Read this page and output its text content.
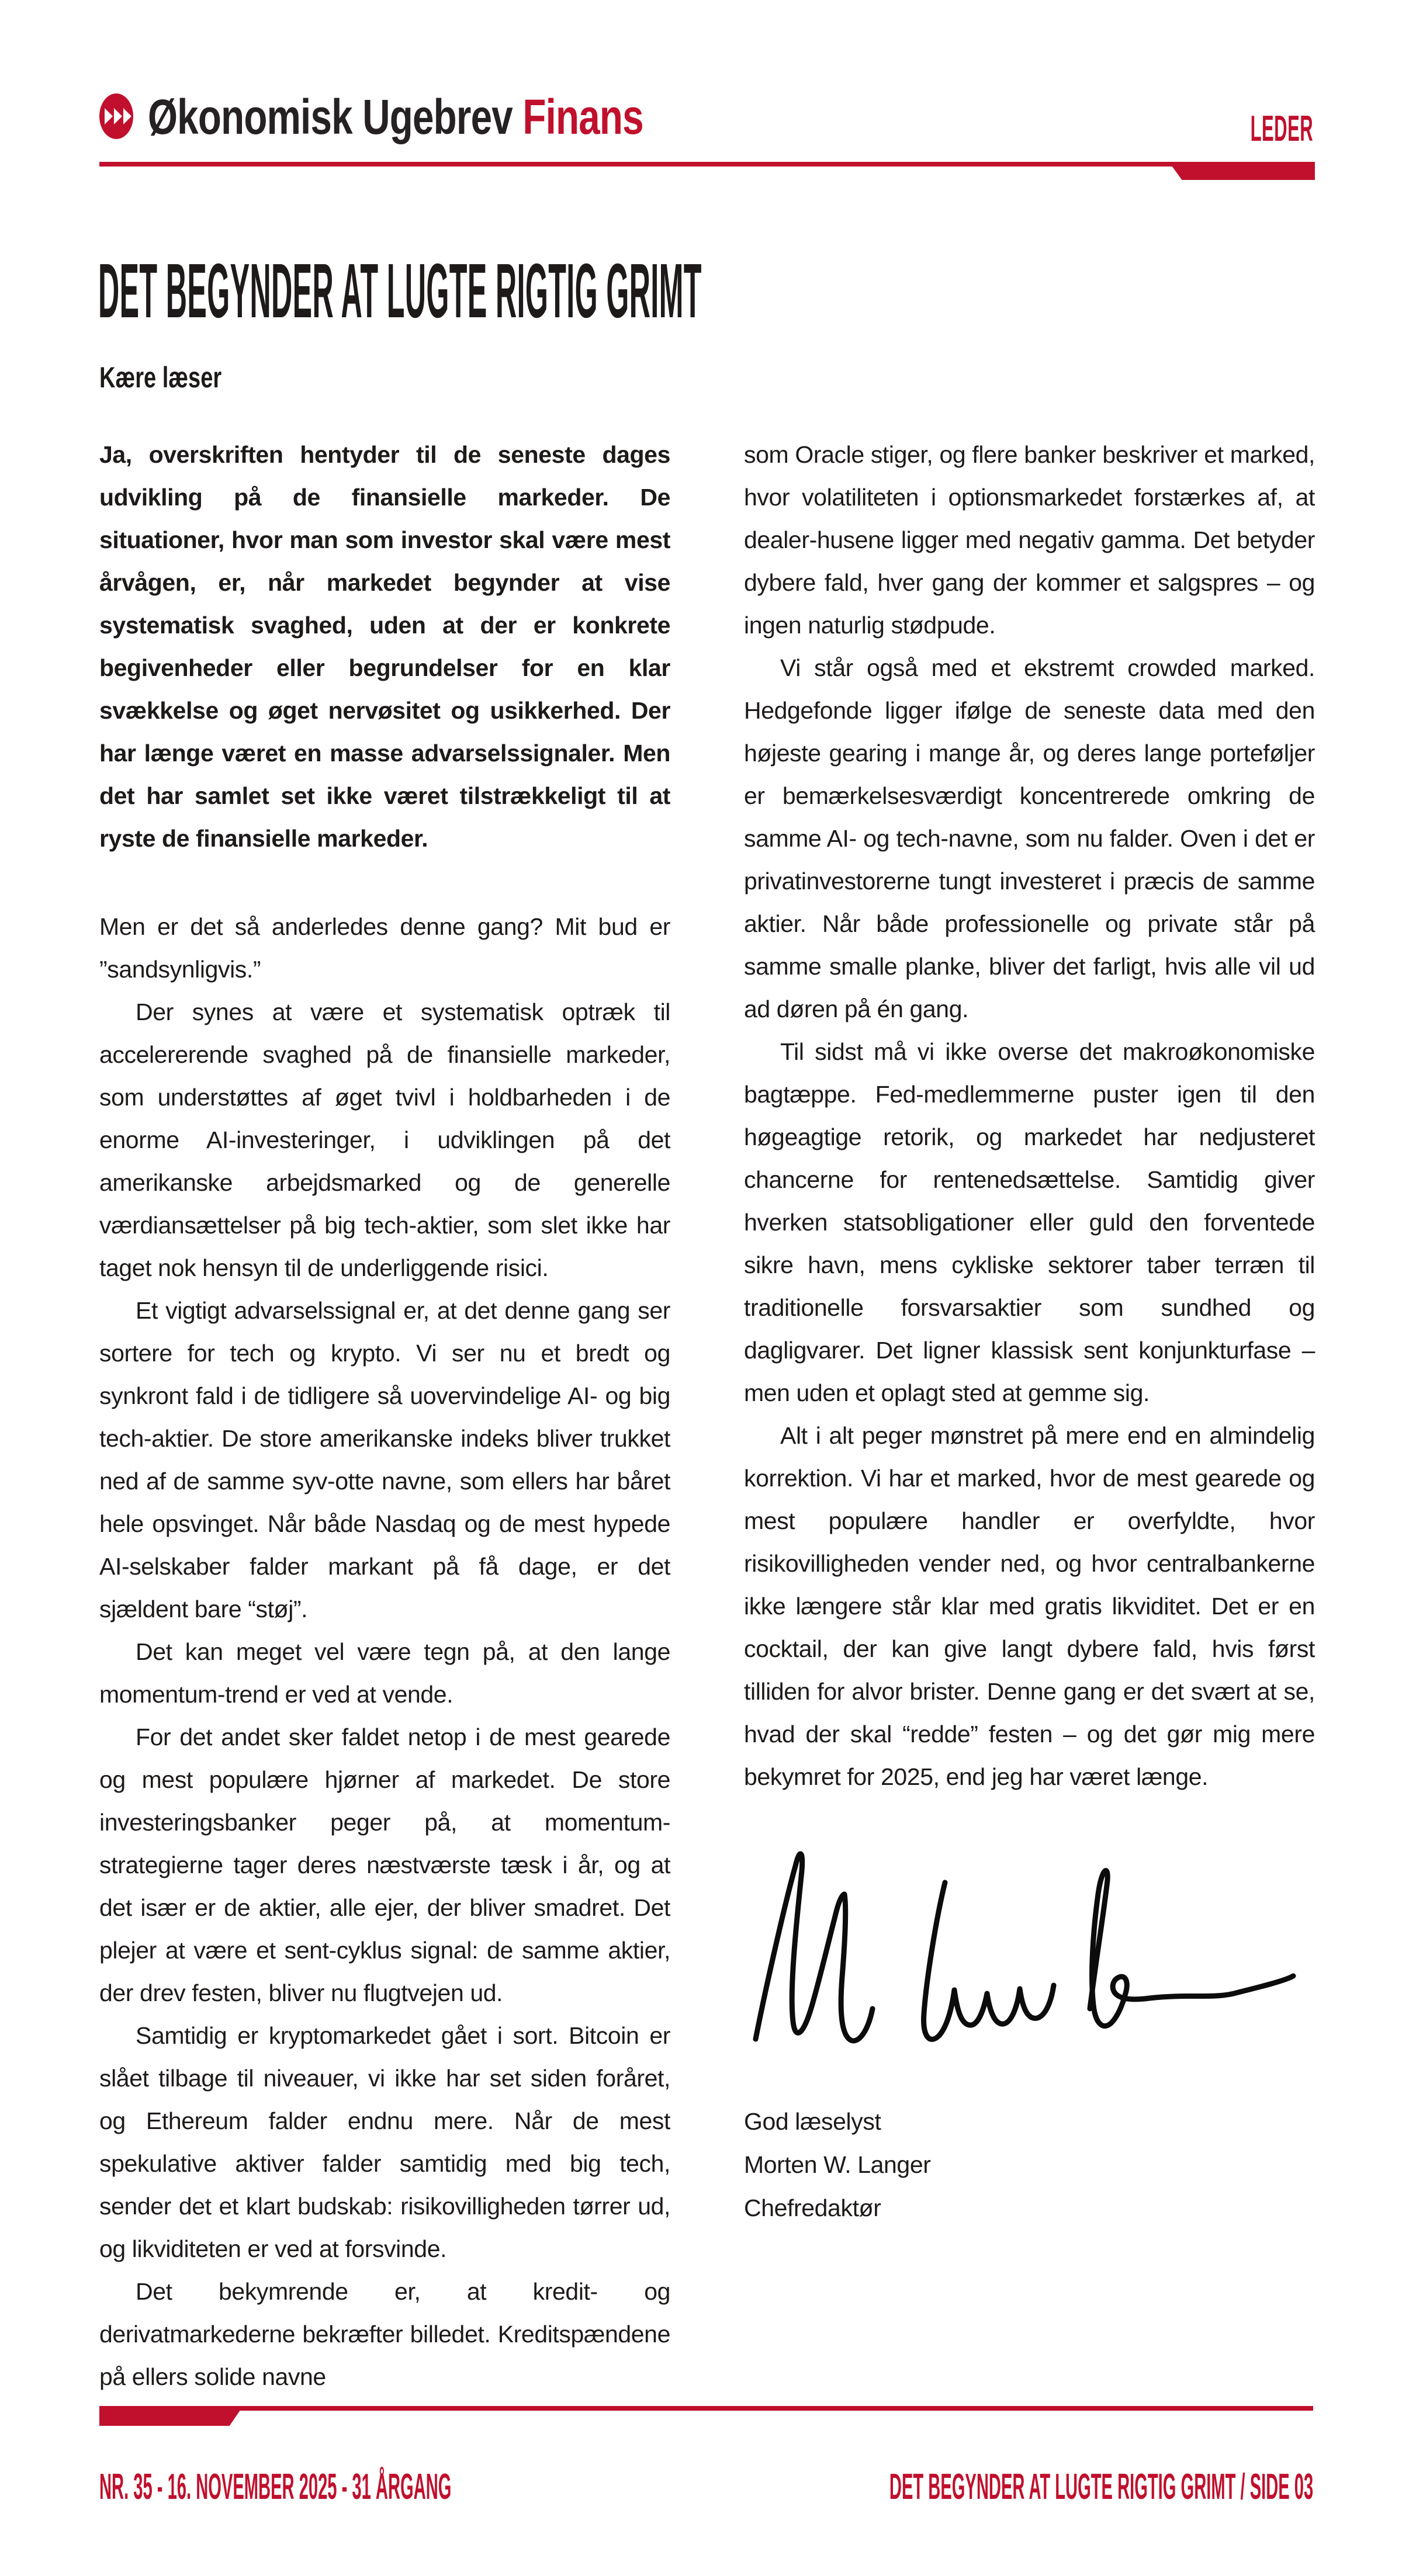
Økonomisk Ugebrev Finans	LEDER
DET BEGYNDER AT LUGTE RIGTIG GRIMT
Kære læser

Ja, overskriften hentyder til de seneste dages udvikling på de finansielle markeder. De situationer, hvor man som investor skal være mest årvågen, er, når markedet begynder at vise systematisk svaghed, uden at der er konkrete begivenheder eller begrundelser for en klar svækkelse og øget nervøsitet og usikkerhed. Der har længe været en masse advarselssignaler. Men det har samlet set ikke været tilstrækkeligt til at ryste de finansielle markeder.

Men er det så anderledes denne gang? Mit bud er ”sandsynligvis.”

Der synes at være et systematisk optræk til accelererende svaghed på de finansielle markeder, som understøttes af øget tvivl i holdbarheden i de enorme AI-investeringer, i udviklingen på det amerikanske arbejdsmarked og de generelle værdiansættelser på big tech-aktier, som slet ikke har taget nok hensyn til de underliggende risici.

Et vigtigt advarselssignal er, at det denne gang ser sortere for tech og krypto. Vi ser nu et bredt og synkront fald i de tidligere så uovervindelige AI- og big tech-aktier. De store amerikanske indeks bliver trukket ned af de samme syv-otte navne, som ellers har båret hele opsvinget. Når både Nasdaq og de mest hypede AI-selskaber falder markant på få dage, er det sjældent bare “støj”.

Det kan meget vel være tegn på, at den lange momentum-trend er ved at vende.

For det andet sker faldet netop i de mest gearede og mest populære hjørner af markedet. De store investeringsbanker peger på, at momentum-strategierne tager deres næstværste tæsk i år, og at det især er de aktier, alle ejer, der bliver smadret. Det plejer at være et sent-cyklus signal: de samme aktier, der drev festen, bliver nu flugtvejen ud.

Samtidig er kryptomarkedet gået i sort. Bitcoin er slået tilbage til niveauer, vi ikke har set siden foråret, og Ethereum falder endnu mere. Når de mest spekulative aktiver falder samtidig med big tech, sender det et klart budskab: risikovilligheden tørrer ud, og likviditeten er ved at forsvinde.

Det bekymrende er, at kredit- og derivatmarkederne bekræfter billedet. Kreditspændene på ellers solide navne

som Oracle stiger, og flere banker beskriver et marked, hvor volatiliteten i optionsmarkedet forstærkes af, at dealer-husene ligger med negativ gamma. Det betyder dybere fald, hver gang der kommer et salgspres – og ingen naturlig stødpude.

Vi står også med et ekstremt crowded marked. Hedgefonde ligger ifølge de seneste data med den højeste gearing i mange år, og deres lange porteføljer er bemærkelsesværdigt koncentrerede omkring de samme AI- og tech-navne, som nu falder. Oven i det er privatinvestorerne tungt investeret i præcis de samme aktier. Når både professionelle og private står på samme smalle planke, bliver det farligt, hvis alle vil ud ad døren på én gang.

Til sidst må vi ikke overse det makroøkonomiske bagtæppe. Fed-medlemmerne puster igen til den høgeagtige retorik, og markedet har nedjusteret chancerne for rentenedsættelse. Samtidig giver hverken statsobligationer eller guld den forventede sikre havn, mens cykliske sektorer taber terræn til traditionelle forsvarsaktier som sundhed og dagligvarer. Det ligner klassisk sent konjunkturfase – men uden et oplagt sted at gemme sig.

Alt i alt peger mønstret på mere end en almindelig korrektion. Vi har et marked, hvor de mest gearede og mest populære handler er overfyldte, hvor risikovilligheden vender ned, og hvor centralbankerne ikke længere står klar med gratis likviditet. Det er en cocktail, der kan give langt dybere fald, hvis først tilliden for alvor brister. Denne gang er det svært at se, hvad der skal “redde” festen – og det gør mig mere bekymret for 2025, end jeg har været længe.

God læselyst
Morten W. Langer
Chefredaktør
NR. 35 - 16. NOVEMBER 2025 - 31 ÅRGANG	DET BEGYNDER AT LUGTE RIGTIG GRIMT / SIDE 03
